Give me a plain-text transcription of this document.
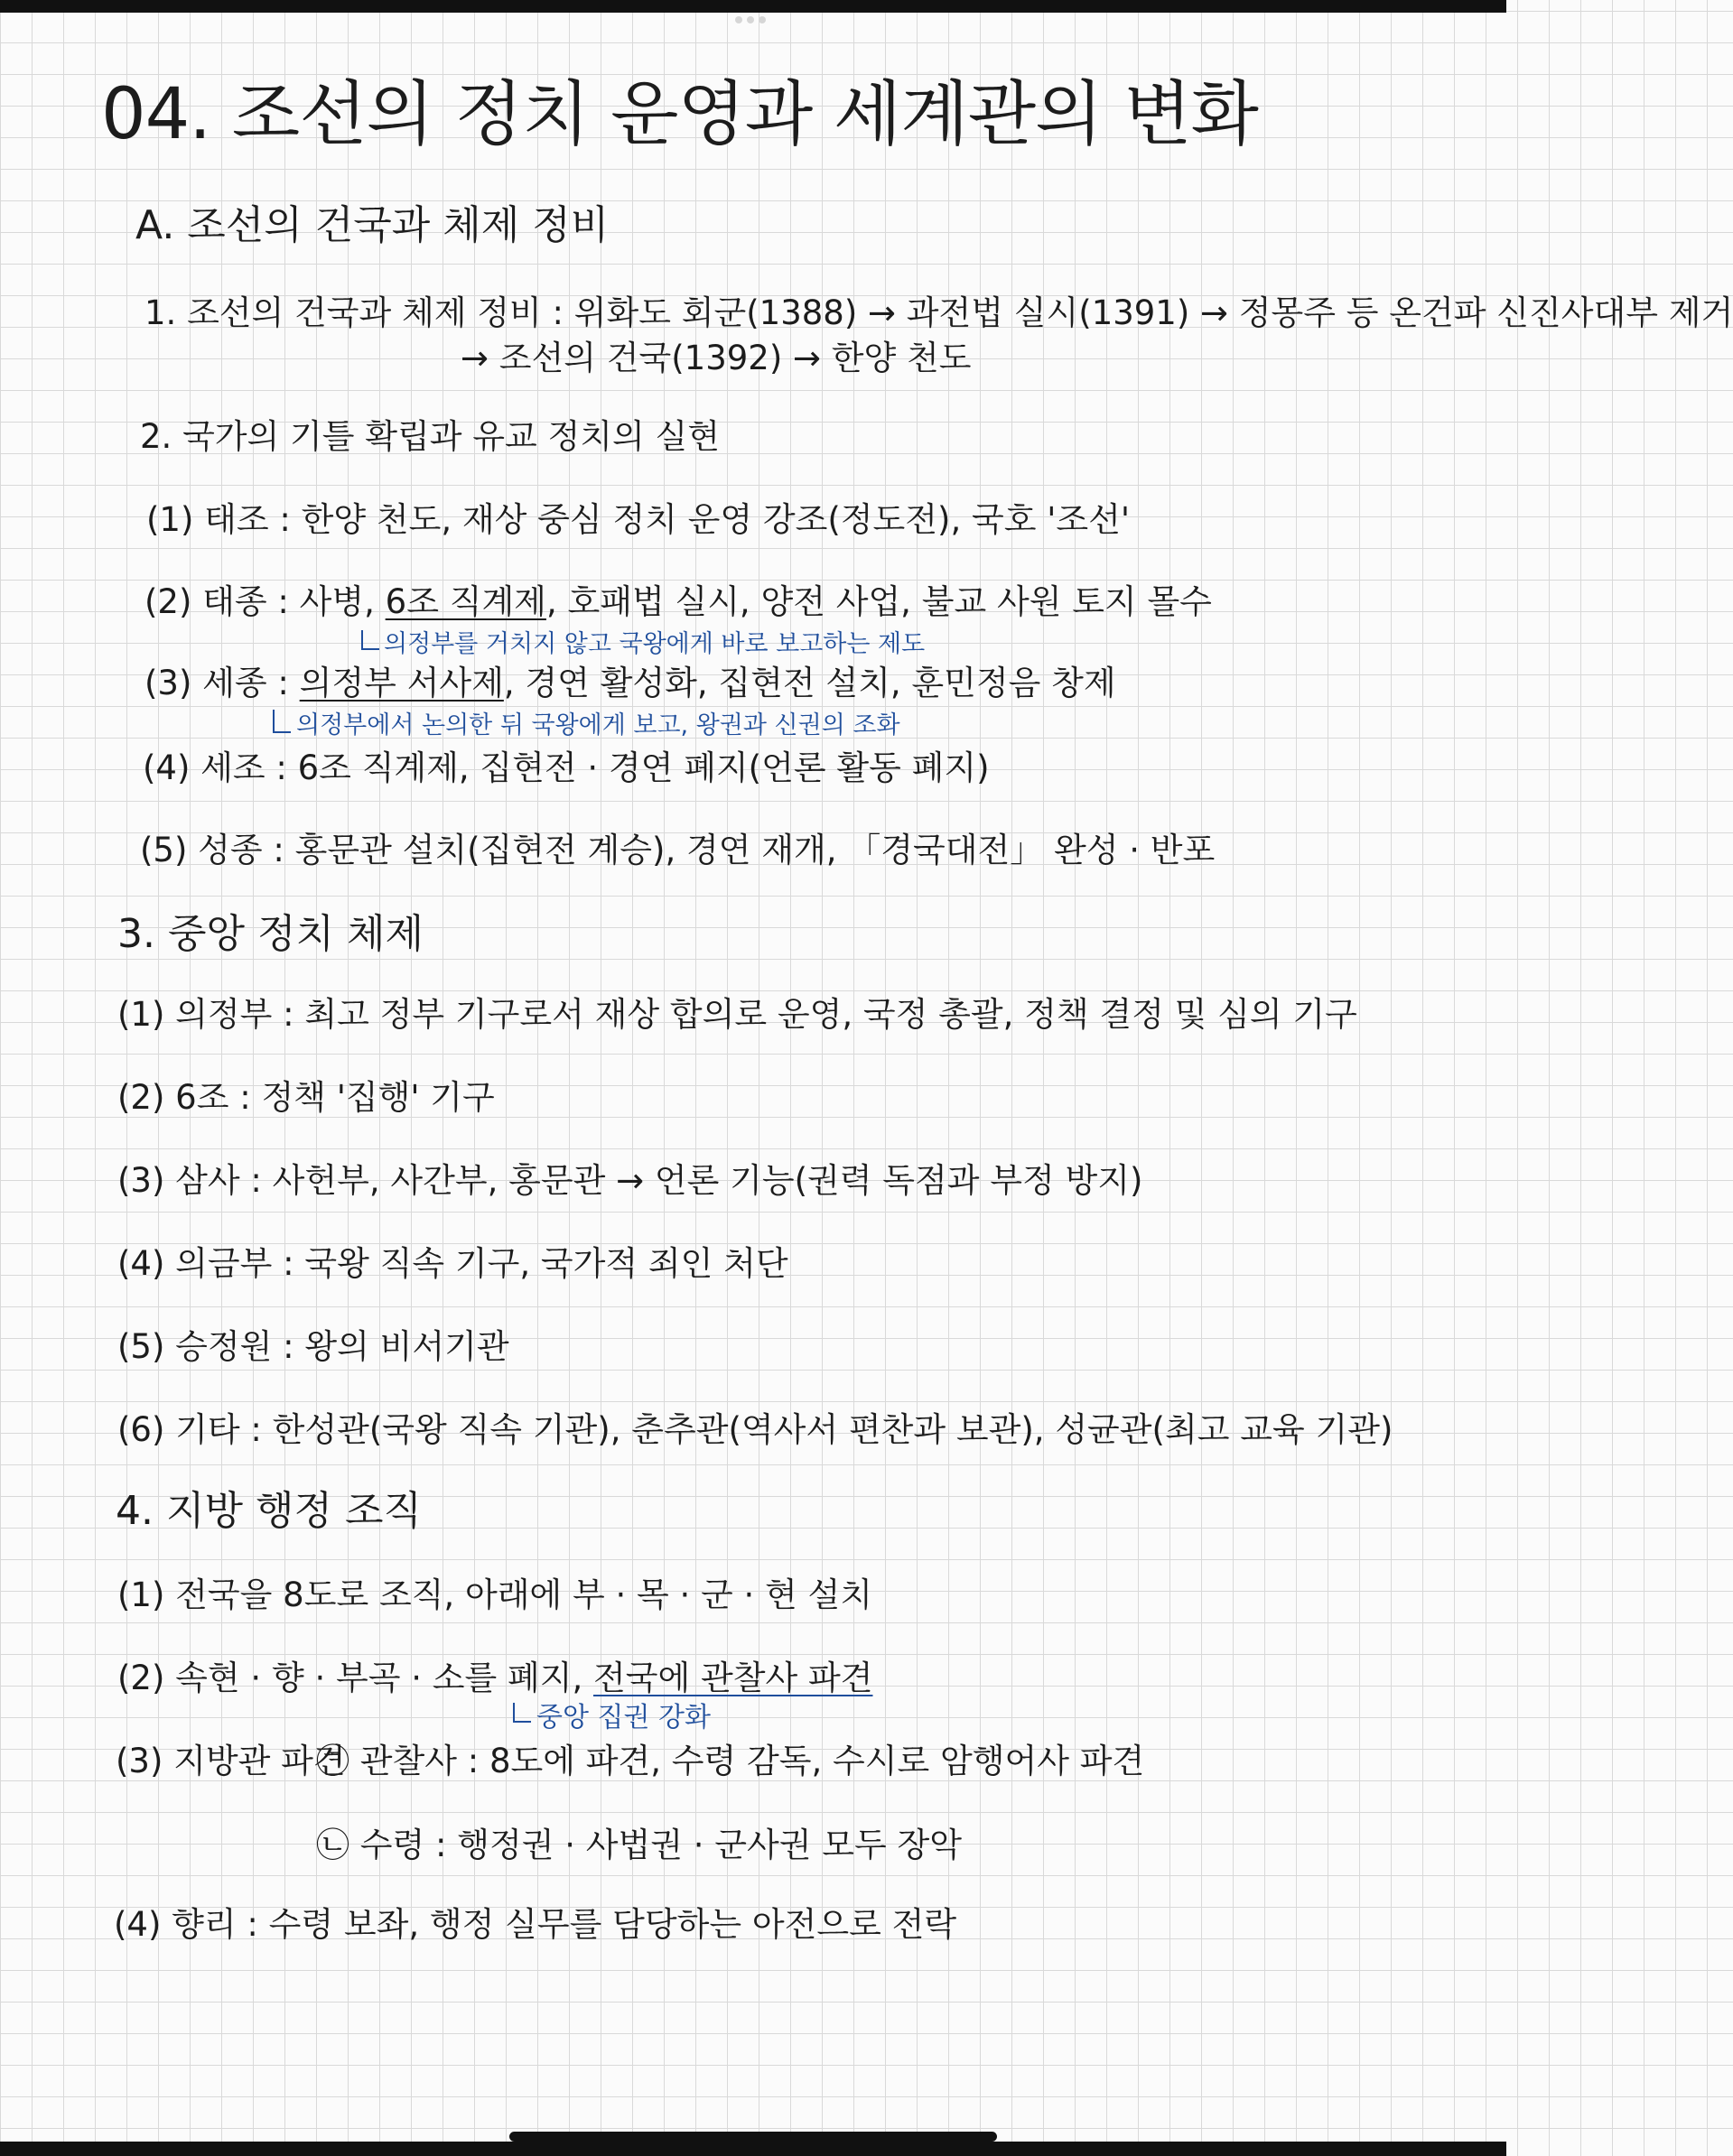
04. 조선의 정치 운영과 세계관의 변화
A. 조선의 건국과 체제 정비
1. 조선의 건국과 체제 정비 : 위화도 회군(1388) → 과전법 실시(1391) → 정몽주 등 온건파 신진사대부 제거
→ 조선의 건국(1392) → 한양 천도
2. 국가의 기틀 확립과 유교 정치의 실현
(1) 태조 : 한양 천도, 재상 중심 정치 운영 강조(정도전), 국호 '조선'
(2) 태종 : 사병, 6조 직계제, 호패법 실시, 양전 사업, 불교 사원 토지 몰수
의정부를 거치지 않고 국왕에게 바로 보고하는 제도
(3) 세종 : 의정부 서사제, 경연 활성화, 집현전 설치, 훈민정음 창제
의정부에서 논의한 뒤 국왕에게 보고, 왕권과 신권의 조화
(4) 세조 : 6조 직계제, 집현전 · 경연 폐지(언론 활동 폐지)
(5) 성종 : 홍문관 설치(집현전 계승), 경연 재개, 「경국대전」 완성 · 반포
3. 중앙 정치 체제
(1) 의정부 : 최고 정부 기구로서 재상 합의로 운영, 국정 총괄, 정책 결정 및 심의 기구
(2) 6조 : 정책 '집행' 기구
(3) 삼사 : 사헌부, 사간부, 홍문관 → 언론 기능(권력 독점과 부정 방지)
(4) 의금부 : 국왕 직속 기구, 국가적 죄인 처단
(5) 승정원 : 왕의 비서기관
(6) 기타 : 한성관(국왕 직속 기관), 춘추관(역사서 편찬과 보관), 성균관(최고 교육 기관)
4. 지방 행정 조직
(1) 전국을 8도로 조직, 아래에 부 · 목 · 군 · 현 설치
(2) 속현 · 향 · 부곡 · 소를 폐지, 전국에 관찰사 파견
중앙 집권 강화
(3) 지방관 파견
㉠ 관찰사 : 8도에 파견, 수령 감독, 수시로 암행어사 파견
㉡ 수령 : 행정권 · 사법권 · 군사권 모두 장악
(4) 향리 : 수령 보좌, 행정 실무를 담당하는 아전으로 전락
